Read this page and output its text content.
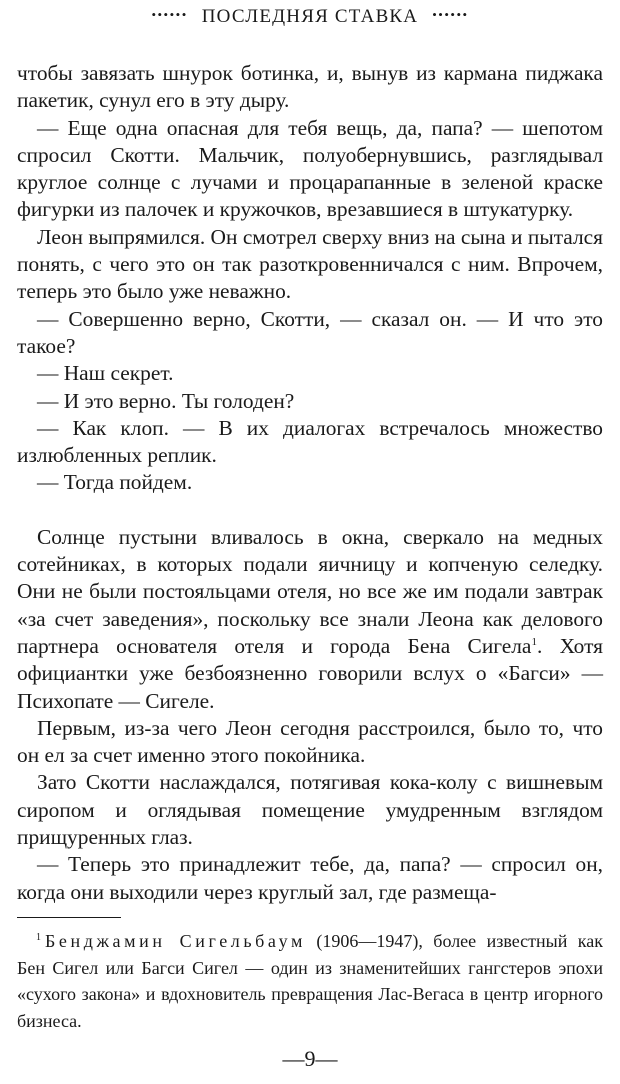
•••••• ПОСЛЕДНЯЯ СТАВКА ••••••

чтобы завязать шнурок ботинка, и, вынув из кармана пиджака пакетик, сунул его в эту дыру.

— Еще одна опасная для тебя вещь, да, папа? — шепотом спросил Скотти. Мальчик, полуобернувшись, разглядывал круглое солнце с лучами и процарапанные в зеленой краске фигурки из палочек и кружочков, врезавшиеся в штукатурку.

Леон выпрямился. Он смотрел сверху вниз на сына и пытался понять, с чего это он так разоткровенничался с ним. Впрочем, теперь это было уже неважно.

— Совершенно верно, Скотти, — сказал он. — И что это такое?

— Наш секрет.

— И это верно. Ты голоден?

— Как клоп. — В их диалогах встречалось множество излюбленных реплик.

— Тогда пойдем.

Солнце пустыни вливалось в окна, сверкало на медных сотейниках, в которых подали яичницу и копченую селедку. Они не были постояльцами отеля, но все же им подали завтрак «за счет заведения», поскольку все знали Леона как делового партнера основателя отеля и города Бена Сигела$^1$. Хотя официантки уже безбоязненно говорили вслух о «Багси» — Психопате — Сигеле.

Первым, из-за чего Леон сегодня расстроился, было то, что он ел за счет именно этого покойника.

Зато Скотти наслаждался, потягивая кока-колу с вишневым сиропом и оглядывая помещение умудренным взглядом прищуренных глаз.

— Теперь это принадлежит тебе, да, папа? — спросил он, когда они выходили через круглый зал, где размеща-

$^1$ Бенджамин Сигельбаум (1906—1947), более известный как Бен Сигел или Багси Сигел — один из знаменитейших гангстеров эпохи «сухого закона» и вдохновитель превращения Лас-Вегаса в центр игорного бизнеса.

—9—
